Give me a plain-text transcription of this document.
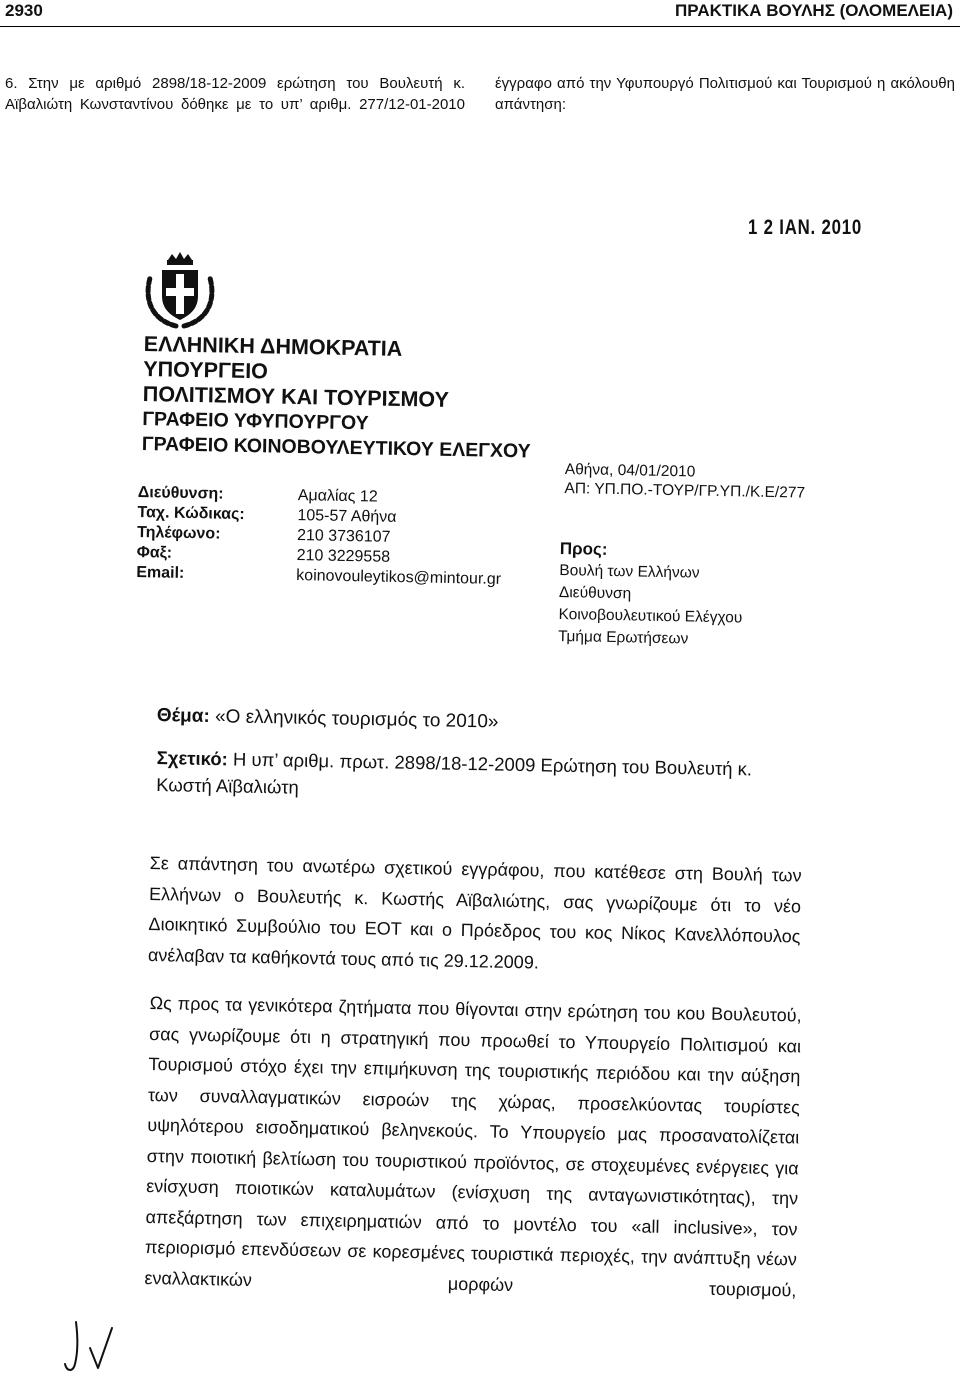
2930	ΠΡΑΚΤΙΚΑ ΒΟΥΛΗΣ (ΟΛΟΜΕΛΕΙΑ)
6. Στην με αριθμό 2898/18-12-2009 ερώτηση του Βουλευτή κ. Αϊβαλιώτη Κωνσταντίνου δόθηκε με το υπ’ αριθμ. 277/12-01-2010
έγγραφο από την Υφυπουργό Πολιτισμού και Τουρισμού η ακόλουθη απάντηση:
1 2 ΙΑΝ. 2010
ΕΛΛΗΝΙΚΗ ΔΗΜΟΚΡΑΤΙΑ
ΥΠΟΥΡΓΕΙΟ
ΠΟΛΙΤΙΣΜΟΥ ΚΑΙ ΤΟΥΡΙΣΜΟΥ
ΓΡΑΦΕΙΟ ΥΦΥΠΟΥΡΓΟΥ
ΓΡΑΦΕΙΟ ΚΟΙΝΟΒΟΥΛΕΥΤΙΚΟΥ ΕΛΕΓΧΟΥ
Διεύθυνση:	Αμαλίας 12
Ταχ. Κώδικας:	105-57 Αθήνα
Τηλέφωνο:	210 3736107
Φαξ:	210 3229558
Email:	koinovouleytikos@mintour.gr
Αθήνα, 04/01/2010
ΑΠ: ΥΠ.ΠΟ.-ΤΟΥΡ/ΓΡ.ΥΠ./Κ.Ε/277
Προς:
Βουλή των Ελλήνων
Διεύθυνση
Κοινοβουλευτικού Ελέγχου
Τμήμα Ερωτήσεων
Θέμα: «Ο ελληνικός τουρισμός το 2010»
Σχετικό: Η υπ’ αριθμ. πρωτ. 2898/18-12-2009 Ερώτηση του Βουλευτή κ. Κωστή Αϊβαλιώτη
Σε απάντηση του ανωτέρω σχετικού εγγράφου, που κατέθεσε στη Βουλή των Ελλήνων ο Βουλευτής κ. Κωστής Αϊβαλιώτης, σας γνωρίζουμε ότι το νέο Διοικητικό Συμβούλιο του ΕΟΤ και ο Πρόεδρος του κος Νίκος Κανελλόπουλος ανέλαβαν τα καθήκοντά τους από τις 29.12.2009.
Ως προς τα γενικότερα ζητήματα που θίγονται στην ερώτηση του κου Βουλευτού, σας γνωρίζουμε ότι η στρατηγική που προωθεί το Υπουργείο Πολιτισμού και Τουρισμού στόχο έχει την επιμήκυνση της τουριστικής περιόδου και την αύξηση των συναλλαγματικών εισροών της χώρας, προσελκύοντας τουρίστες υψηλότερου εισοδηματικού βεληνεκούς. Το Υπουργείο μας προσανατολίζεται στην ποιοτική βελτίωση του τουριστικού προϊόντος, σε στοχευμένες ενέργειες για ενίσχυση ποιοτικών καταλυμάτων (ενίσχυση της ανταγωνιστικότητας), την απεξάρτηση των επιχειρηματιών από το μοντέλο του «all inclusive», τον περιορισμό επενδύσεων σε κορεσμένες τουριστικά περιοχές, την ανάπτυξη νέων εναλλακτικών μορφών τουρισμού,
